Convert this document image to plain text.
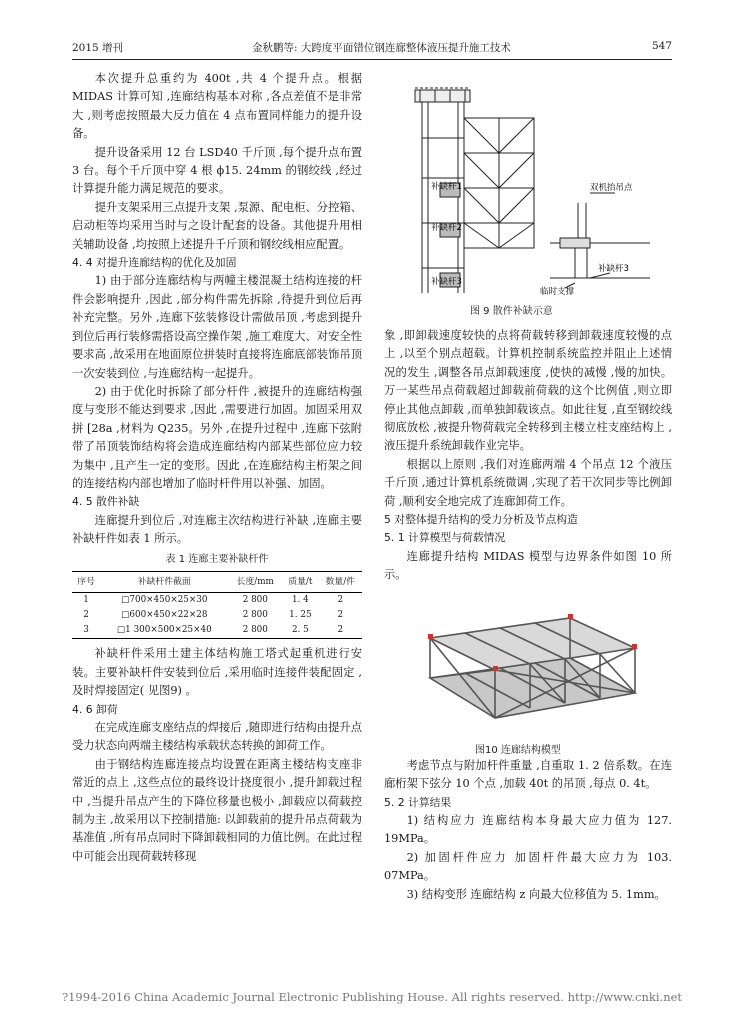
2015 增刊	金秋鹏等: 大跨度平面错位钢连廊整体液压提升施工技术	547

本次提升总重约为 400t ,共 4 个提升点。根据 MIDAS 计算可知 ,连廊结构基本对称 ,各点差值不是非常大 ,则考虑按照最大反力值在 4 点布置同样能力的提升设备。

提升设备采用 12 台 LSD40 千斤顶 ,每个提升点布置 3 台。每个千斤顶中穿 4 根 ϕ15. 24mm 的钢绞线 ,经过计算提升能力满足规范的要求。

提升支架采用三点提升支架 ,泵源、配电柜、分控箱、启动柜等均采用当时与之设计配套的设备。其他提升用相关辅助设备 ,均按照上述提升千斤顶和钢绞线相应配置。

4. 4 对提升连廊结构的优化及加固

1) 由于部分连廊结构与两幢主楼混凝土结构连接的杆件会影响提升 ,因此 ,部分构件需先拆除 ,待提升到位后再补充完整。另外 ,连廊下弦装修设计需做吊顶 ,考虑到提升到位后再行装修需搭设高空操作架 ,施工难度大、对安全性要求高 ,故采用在地面原位拼装时直接将连廊底部装饰吊顶一次安装到位 ,与连廊结构一起提升。

2) 由于优化时拆除了部分杆件 ,被提升的连廊结构强度与变形不能达到要求 ,因此 ,需要进行加固。加固采用双拼 [28a ,材料为 Q235。另外 ,在提升过程中 ,连廊下弦附带了吊顶装饰结构将会造成连廊结构内部某些部位应力较为集中 ,且产生一定的变形。因此 ,在连廊结构主桁架之间的连接结构内部也增加了临时杆件用以补强、加固。

4. 5 散件补缺

连廊提升到位后 ,对连廊主次结构进行补缺 ,连廊主要补缺杆件如表 1 所示。

表 1 连廊主要补缺杆件
序号	补缺杆件截面	长度/mm	质量/t	数量/件
1	□700×450×25×30	2 800	1. 4	2
2	□600×450×22×28	2 800	1. 25	2
3	□1 300×500×25×40	2 800	2. 5	2

补缺杆件采用土建主体结构施工塔式起重机进行安装。主要补缺杆件安装到位后 ,采用临时连接件装配固定 ,及时焊接固定( 见图9) 。

4. 6 卸荷

在完成连廊支座结点的焊接后 ,随即进行结构由提升点受力状态向两端主楼结构承载状态转换的卸荷工作。

由于钢结构连廊连接点均设置在距离主楼结构支座非常近的点上 ,这些点位的最终设计挠度很小 ,提升卸载过程中 ,当提升吊点产生的下降位移量也极小 ,卸载应以荷载控制为主 ,故采用以下控制措施: 以卸载前的提升吊点荷载为基准值 ,所有吊点同时下降卸载相同的力值比例。在此过程中可能会出现荷载转移现

补缺杆1
补缺杆2
补缺杆3
双机抬吊点
补缺杆3
临时支撑
图 9 散件补缺示意

象 ,即卸载速度较快的点将荷载转移到卸载速度较慢的点上 ,以至个别点超载。计算机控制系统监控并阻止上述情况的发生 ,调整各吊点卸载速度 ,使快的减慢 ,慢的加快。万一某些吊点荷载超过卸载前荷载的这个比例值 ,则立即停止其他点卸载 ,而单独卸载该点。如此往复 ,直至钢绞线彻底放松 ,被提升物荷载完全转移到主楼立柱支座结构上 ,液压提升系统卸载作业完毕。

根据以上原则 ,我们对连廊两端 4 个吊点 12 个液压千斤顶 ,通过计算机系统微调 ,实现了若干次同步等比例卸荷 ,顺利安全地完成了连廊卸荷工作。

5 对整体提升结构的受力分析及节点构造

5. 1 计算模型与荷载情况

连廊提升结构 MIDAS 模型与边界条件如图 10 所示。

考虑节点与附加杆件重量 ,自重取 1. 2 倍系数。在连廊桁架下弦分 10 个点 ,加载 40t 的吊顶 ,每点 0. 4t。

5. 2 计算结果

1) 结构应力 连廊结构本身最大应力值为 127. 19MPa。

2) 加固杆件应力 加固杆件最大应力为 103. 07MPa。

3) 结构变形 连廊结构 z 向最大位移值为 5. 1mm。

图10 连廊结构模型
?1994-2016 China Academic Journal Electronic Publishing House. All rights reserved. http://www.cnki.net
